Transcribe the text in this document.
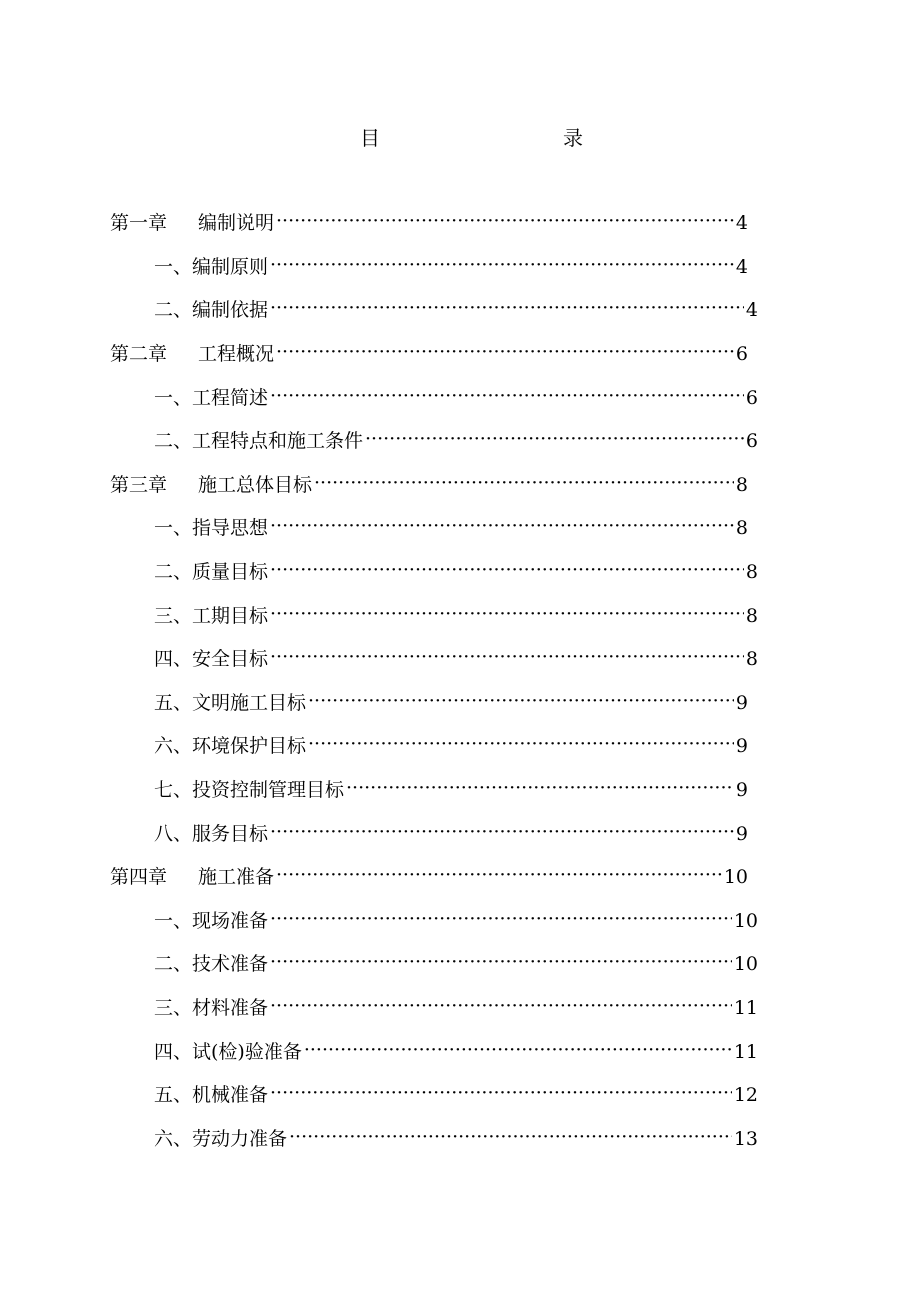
目	录
第一章 编制说明 ·····	4
一、编制原则 ·····	4
二、编制依据 ·····	4
第二章 工程概况 ·····	6
一、工程简述 ·····	6
二、工程特点和施工条件 ·····	6
第三章 施工总体目标 ·····	8
一、指导思想 ·····	8
二、质量目标 ·····	8
三、工期目标 ·····	8
四、安全目标 ·····	8
五、文明施工目标 ·····	9
六、环境保护目标 ·····	9
七、投资控制管理目标 ·····	9
八、服务目标 ·····	9
第四章 施工准备 ·····	10
一、现场准备 ·····	10
二、技术准备 ·····	10
三、材料准备 ·····	11
四、试(检)验准备 ·····	11
五、机械准备 ·····	12
六、劳动力准备 ·····	13
